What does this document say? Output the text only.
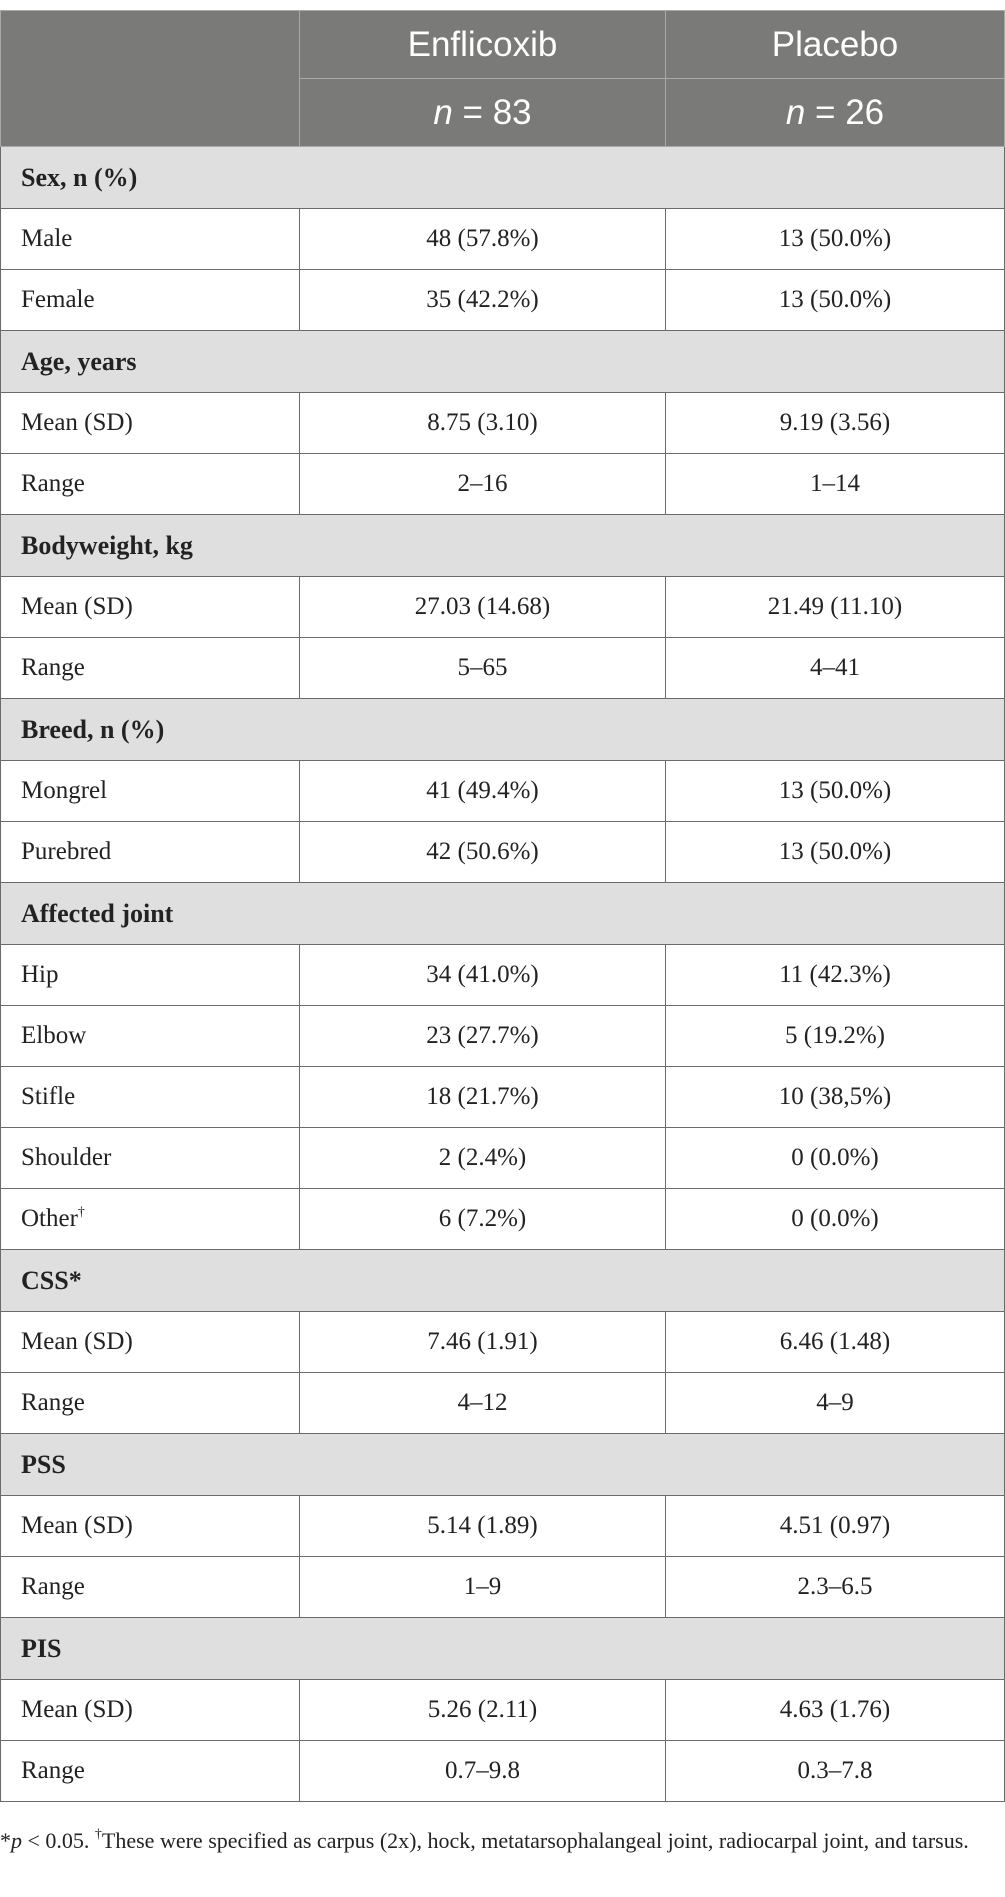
	Enflicoxib	Placebo
	n = 83	n = 26
Sex, n (%)		
Male	48 (57.8%)	13 (50.0%)
Female	35 (42.2%)	13 (50.0%)
Age, years		
Mean (SD)	8.75 (3.10)	9.19 (3.56)
Range	2–16	1–14
Bodyweight, kg		
Mean (SD)	27.03 (14.68)	21.49 (11.10)
Range	5–65	4–41
Breed, n (%)		
Mongrel	41 (49.4%)	13 (50.0%)
Purebred	42 (50.6%)	13 (50.0%)
Affected joint		
Hip	34 (41.0%)	11 (42.3%)
Elbow	23 (27.7%)	5 (19.2%)
Stifle	18 (21.7%)	10 (38,5%)
Shoulder	2 (2.4%)	0 (0.0%)
Other†	6 (7.2%)	0 (0.0%)
CSS*		
Mean (SD)	7.46 (1.91)	6.46 (1.48)
Range	4–12	4–9
PSS		
Mean (SD)	5.14 (1.89)	4.51 (0.97)
Range	1–9	2.3–6.5
PIS		
Mean (SD)	5.26 (2.11)	4.63 (1.76)
Range	0.7–9.8	0.3–7.8
*p < 0.05. †These were specified as carpus (2x), hock, metatarsophalangeal joint, radiocarpal joint, and tarsus.
